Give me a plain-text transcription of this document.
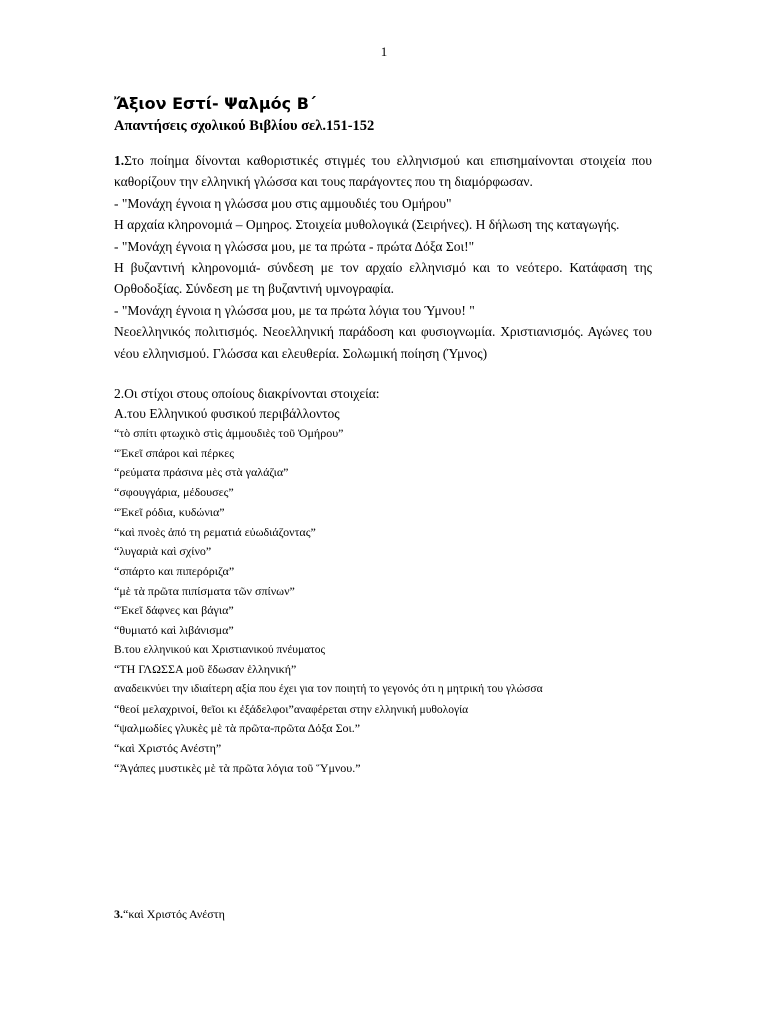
1
Ἄξιον Εστί- Ψαλμός Β΄
Απαντήσεις σχολικού Βιβλίου σελ.151-152
1.Στο ποίημα δίνονται καθοριστικές στιγμές του ελληνισμού και επισημαίνονται στοιχεία που καθορίζουν την ελληνική γλώσσα και τους παράγοντες που τη διαμόρφωσαν.
- "Μονάχη έγνοια η γλώσσα μου στις αμμουδιές του Ομήρου"
Η αρχαία κληρονομιά – Ομηρος. Στοιχεία μυθολογικά (Σειρήνες). Η δήλωση της καταγωγής.
- "Μονάχη έγνοια η γλώσσα μου, με τα πρώτα - πρώτα Δόξα Σοι!"
Η βυζαντινή κληρονομιά- σύνδεση με τον αρχαίο ελληνισμό και το νεότερο. Κατάφαση της Ορθοδοξίας. Σύνδεση με τη βυζαντινή υμνογραφία.
- "Μονάχη έγνοια η γλώσσα μου, με τα πρώτα λόγια του Ύμνου! "
Νεοελληνικός πολιτισμός. Νεοελληνική παράδοση και φυσιογνωμία. Χριστιανισμός. Αγώνες του νέου ελληνισμού. Γλώσσα και ελευθερία. Σολωμική ποίηση (Ύμνος)
2.Οι στίχοι στους οποίους διακρίνονται στοιχεία:
Α.του Ελληνικού φυσικού περιβάλλοντος
“τὸ σπίτι φτωχικὸ στὶς ἀμμουδιὲς τοῦ Ὁμήρου”
“Ἐκεῖ σπάροι καὶ πέρκες
“ρεύματα πράσινα μὲς στὰ γαλάζια”
“σφουγγάρια, μέδουσες”
“Ἐκεῖ ρόδια, κυδώνια”
“καὶ πνοὲς ἀπό τη ρεματιά εὐωδιάζοντας”
“λυγαριὰ καὶ σχίνο”
“σπάρτο και πιπερόριζα”
“μὲ τὰ πρῶτα πιπίσματα τῶν σπίνων”
“Ἐκεῖ δάφνες και βάγια”
“θυμιατό καὶ λιβάνισμα”
Β.του ελληνικού και Χριστιανικού πνέυματος
“ΤΗ ΓΛΩΣΣΑ μοῦ ἔδωσαν ἑλληνική”
αναδεικνύει την ιδιαίτερη αξία που έχει για τον ποιητή το γεγονός ότι η μητρική του γλώσσα
“θεοί μελαχρινοί, θεῖοι κι ἐξάδελφοι”αναφέρεται στην ελληνική μυθολογία
“ψαλμωδίες γλυκὲς μὲ τὰ πρῶτα-πρῶτα Δόξα Σοι.”
“καὶ Χριστός Ανέστη”
“Ἀγάπες μυστικὲς μὲ τὰ πρῶτα λόγια τοῦ Ὕμνου.”
3.“καὶ Χριστός Ανέστη
